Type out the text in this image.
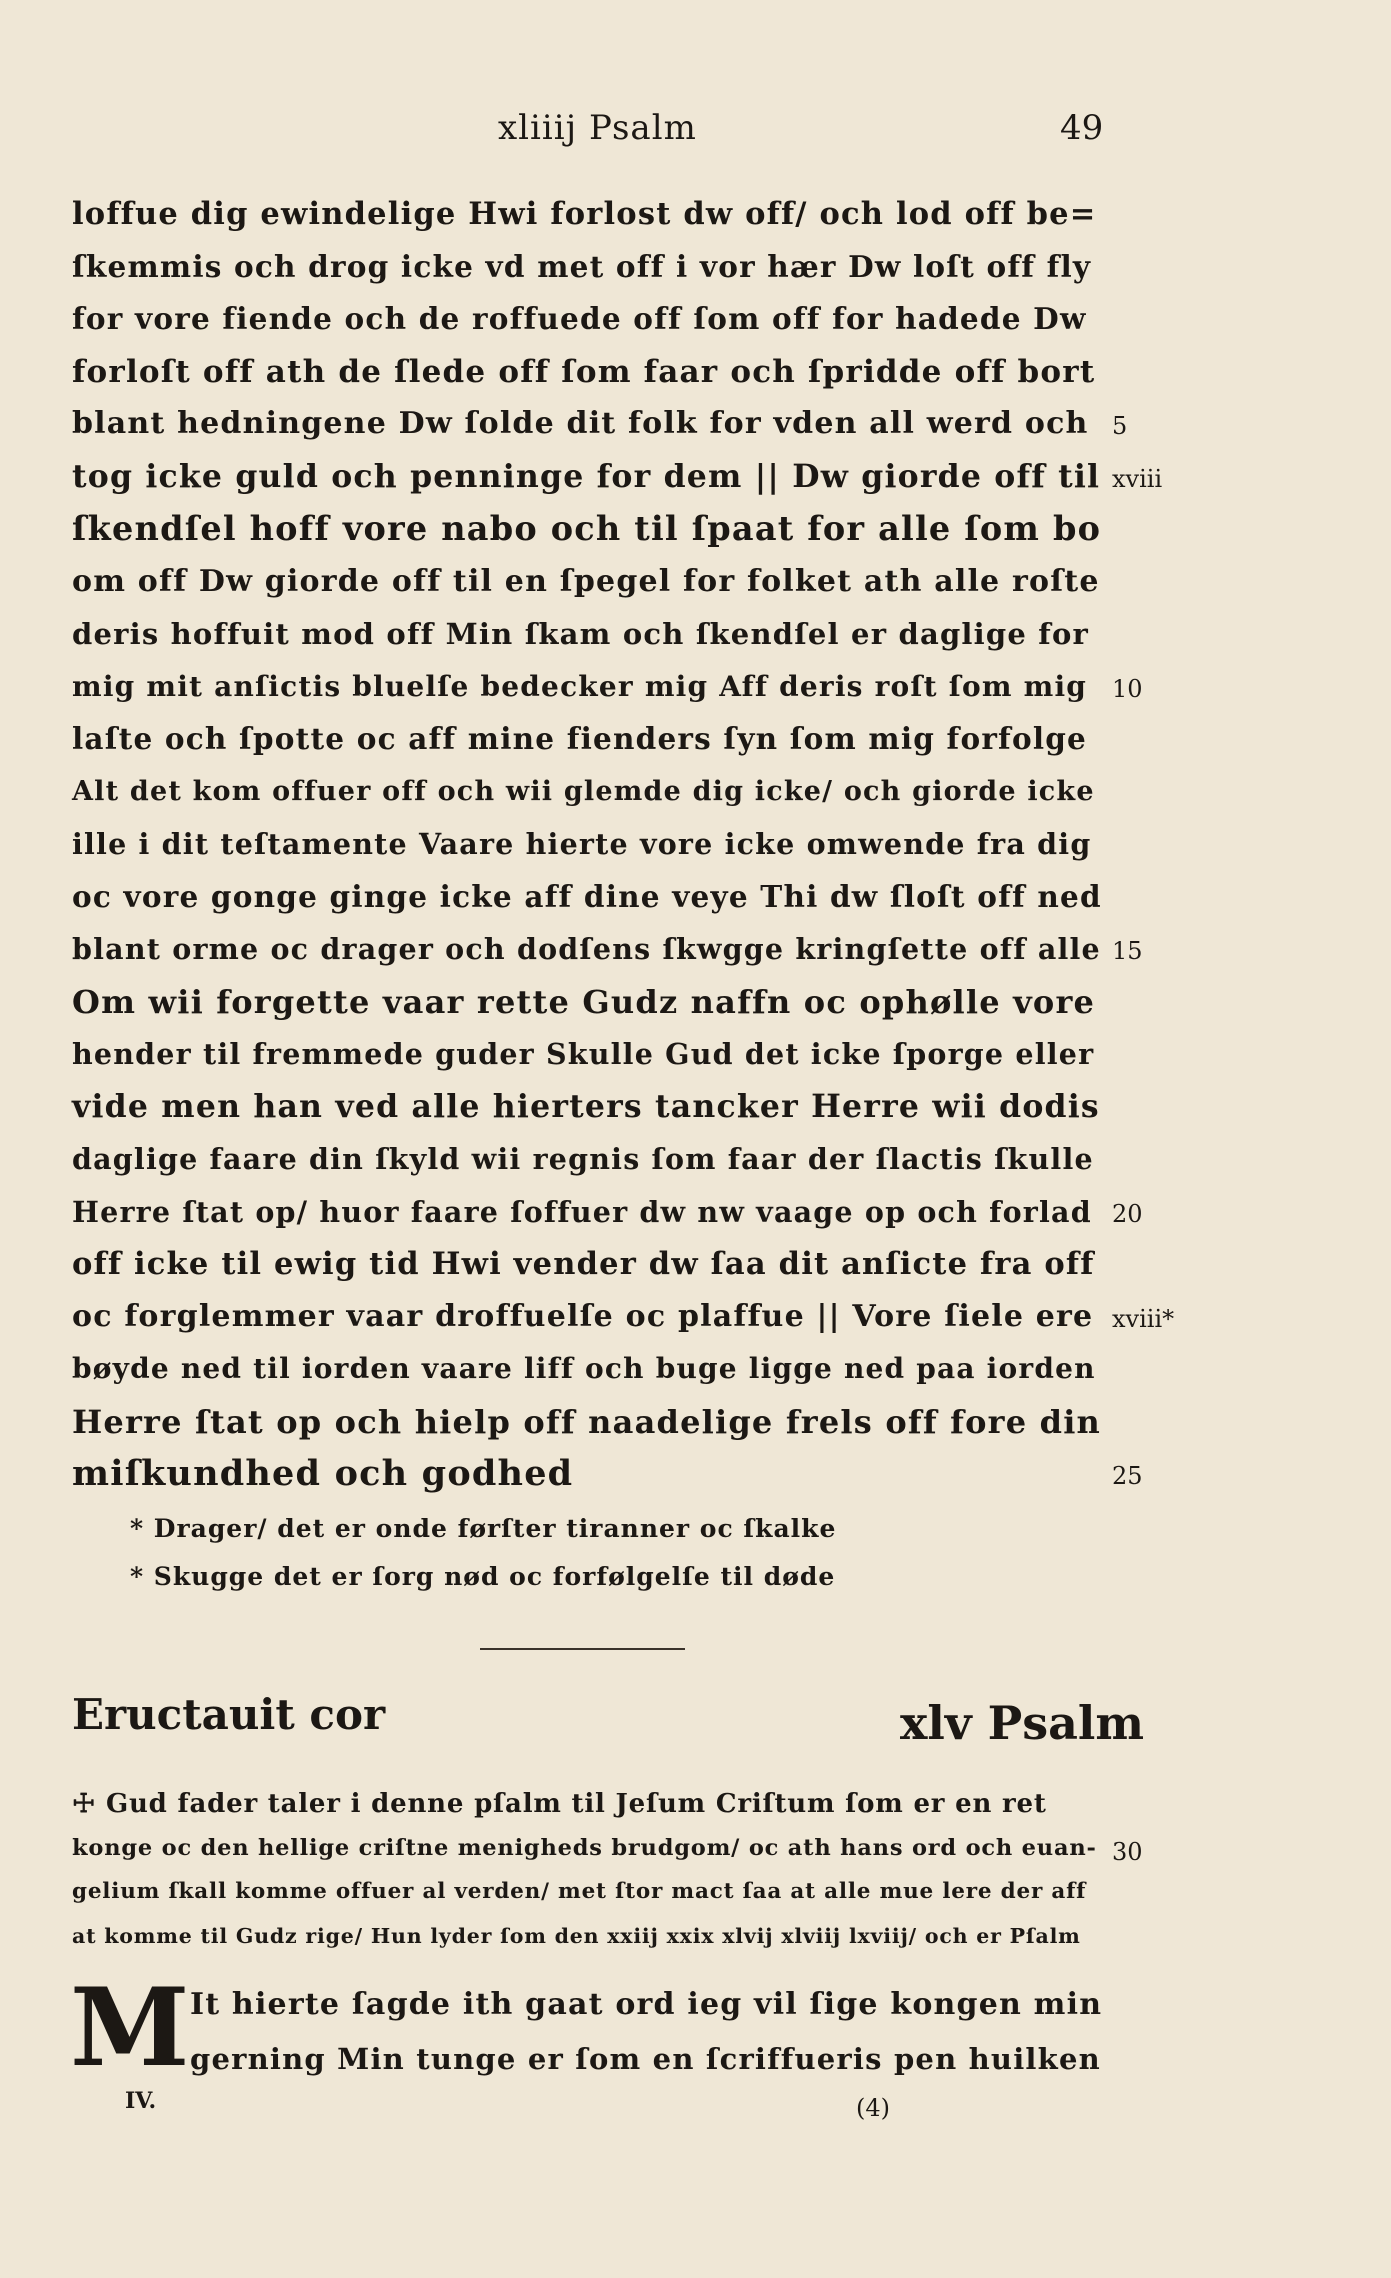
xliiij Psalm	49
loffue dig ewindelige Hwi forlost dw off/ och lod off be=
ſkemmis och drog icke vd met off i vor hær Dw loſt off fly
for vore fiende och de roffuede off ſom off for hadede Dw
forloſt off ath de ſlede off ſom faar och ſpridde off bort
blant hedningene Dw ſolde dit folk for vden all werd och
tog icke guld och penninge for dem || Dw giorde off til
ſkendſel hoff vore nabo och til ſpaat for alle ſom bo
om off Dw giorde off til en ſpegel for folket ath alle roſte
deris hoffuit mod off Min ſkam och ſkendſel er daglige for
mig mit anſictis bluelſe bedecker mig Aff deris roſt ſom mig
laſte och ſpotte oc aff mine fienders ſyn ſom mig forfolge
Alt det kom offuer off och wii glemde dig icke/ och giorde icke
ille i dit teſtamente Vaare hierte vore icke omwende fra dig
oc vore gonge ginge icke aff dine veye Thi dw ſloſt off ned
blant orme oc drager och dodſens ſkwgge kringſette off alle
Om wii forgette vaar rette Gudz naffn oc ophølle vore
hender til fremmede guder Skulle Gud det icke ſporge eller
vide men han ved alle hierters tancker Herre wii dodis
daglige faare din ſkyld wii regnis ſom faar der ſlactis ſkulle
Herre ſtat op/ huor faare ſoffuer dw nw vaage op och forlad
off icke til ewig tid Hwi vender dw ſaa dit anſicte fra off
oc forglemmer vaar droffuelſe oc plaffue || Vore ſiele ere
bøyde ned til iorden vaare liff och buge ligge ned paa iorden
Herre ſtat op och hielp off naadelige frels off fore din
miſkundhed och godhed
5
xviii
10
15
20
xviii*
25
* Drager/ det er onde førſter tiranner oc ſkalke
* Skugge det er ſorg nød oc forfølgelſe til døde
Eructauit cor	xlv Psalm
☩ Gud fader taler i denne pſalm til Jeſum Criſtum ſom er en ret
konge oc den hellige criſtne menigheds brudgom/ oc ath hans ord och euan-
gelium ſkall komme offuer al verden/ met ſtor mact ſaa at alle mue lere der aff
at komme til Gudz rige/ Hun lyder ſom den xxiij xxix xlvij xlviij lxviij/ och er Pſalm
30
M It hierte ſagde ith gaat ord ieg vil ſige kongen min
gerning Min tunge er ſom en ſcriffueris pen huilken
IV.	(4)
